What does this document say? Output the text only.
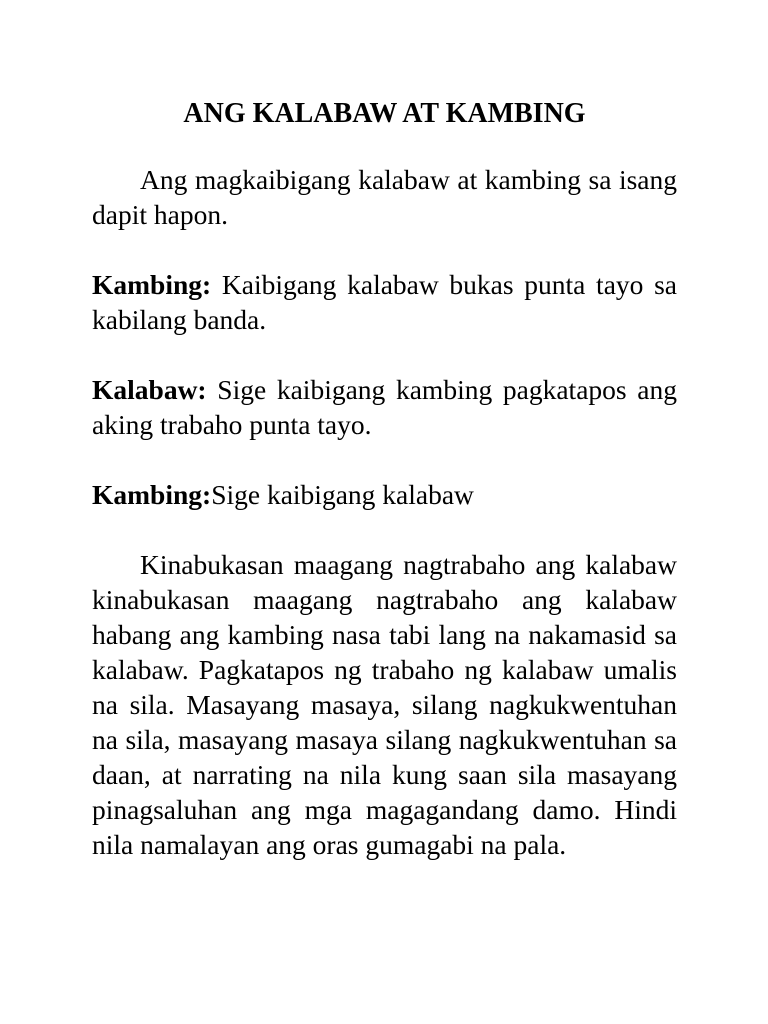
ANG KALABAW AT KAMBING

Ang magkaibigang kalabaw at kambing sa isang dapit hapon.

Kambing: Kaibigang kalabaw bukas punta tayo sa kabilang banda.

Kalabaw: Sige kaibigang kambing pagkatapos ang aking trabaho punta tayo.

Kambing:Sige kaibigang kalabaw

Kinabukasan maagang nagtrabaho ang kalabaw kinabukasan maagang nagtrabaho ang kalabaw habang ang kambing nasa tabi lang na nakamasid sa kalabaw. Pagkatapos ng trabaho ng kalabaw umalis na sila. Masayang masaya, silang nagkukwentuhan na sila, masayang masaya silang nagkukwentuhan sa daan, at narrating na nila kung saan sila masayang pinagsaluhan ang mga magagandang damo. Hindi nila namalayan ang oras gumagabi na pala.
